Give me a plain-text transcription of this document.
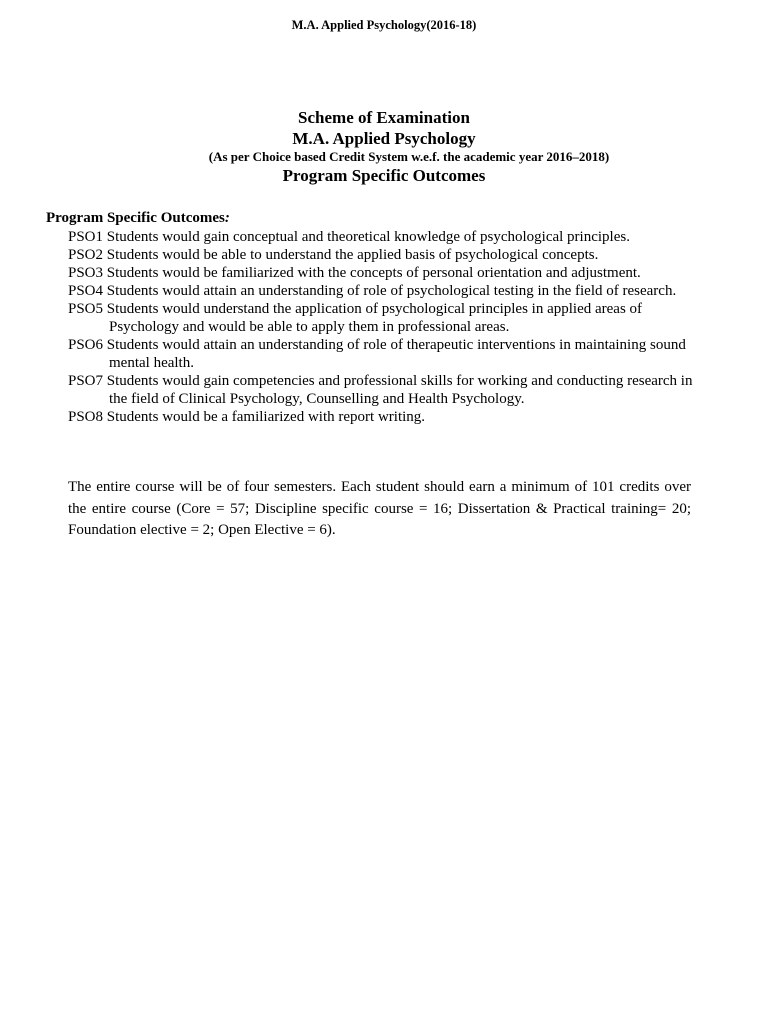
M.A. Applied Psychology(2016-18)
Scheme of Examination
M.A. Applied Psychology
(As per Choice based Credit System w.e.f. the academic year 2016–2018)
Program Specific Outcomes
Program Specific Outcomes:
PSO1 Students would gain conceptual and theoretical knowledge of psychological principles.
PSO2 Students would be able to understand the applied basis of psychological concepts.
PSO3 Students would be familiarized with the concepts of personal orientation and adjustment.
PSO4 Students would attain an understanding of role of psychological testing in the field of research.
PSO5 Students would understand the application of psychological principles in applied areas of Psychology and would be able to apply them in professional areas.
PSO6 Students would attain an understanding of role of therapeutic interventions in maintaining sound mental health.
PSO7 Students would gain competencies and professional skills for working and conducting research in the field of Clinical Psychology, Counselling and Health Psychology.
PSO8 Students would be a familiarized with report writing.

The entire course will be of four semesters. Each student should earn a minimum of 101 credits over the entire course (Core = 57; Discipline specific course = 16; Dissertation & Practical training= 20; Foundation elective = 2; Open Elective = 6).
